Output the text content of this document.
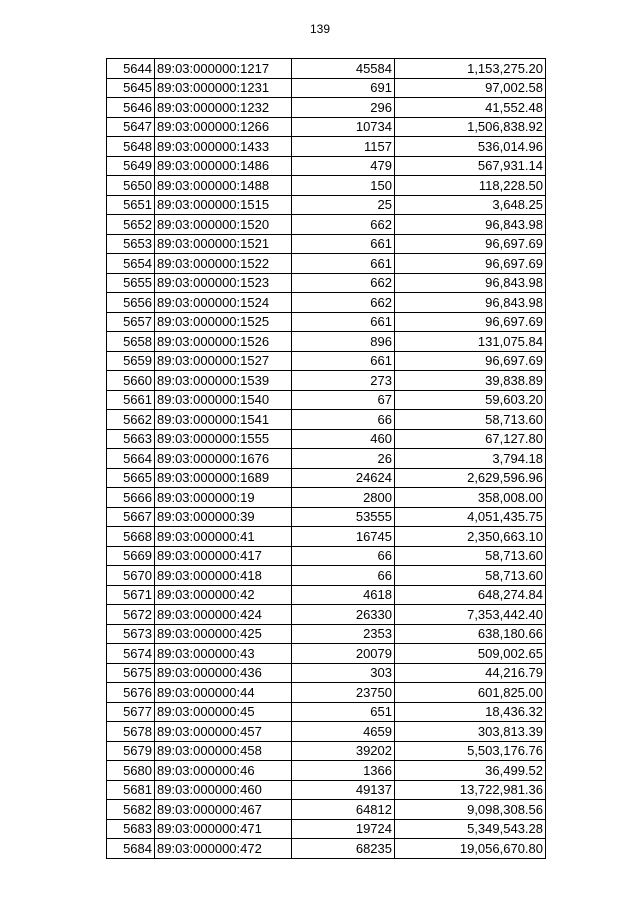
139
5644	89:03:000000:1217	45584	1,153,275.20
5645	89:03:000000:1231	691	97,002.58
5646	89:03:000000:1232	296	41,552.48
5647	89:03:000000:1266	10734	1,506,838.92
5648	89:03:000000:1433	1157	536,014.96
5649	89:03:000000:1486	479	567,931.14
5650	89:03:000000:1488	150	118,228.50
5651	89:03:000000:1515	25	3,648.25
5652	89:03:000000:1520	662	96,843.98
5653	89:03:000000:1521	661	96,697.69
5654	89:03:000000:1522	661	96,697.69
5655	89:03:000000:1523	662	96,843.98
5656	89:03:000000:1524	662	96,843.98
5657	89:03:000000:1525	661	96,697.69
5658	89:03:000000:1526	896	131,075.84
5659	89:03:000000:1527	661	96,697.69
5660	89:03:000000:1539	273	39,838.89
5661	89:03:000000:1540	67	59,603.20
5662	89:03:000000:1541	66	58,713.60
5663	89:03:000000:1555	460	67,127.80
5664	89:03:000000:1676	26	3,794.18
5665	89:03:000000:1689	24624	2,629,596.96
5666	89:03:000000:19	2800	358,008.00
5667	89:03:000000:39	53555	4,051,435.75
5668	89:03:000000:41	16745	2,350,663.10
5669	89:03:000000:417	66	58,713.60
5670	89:03:000000:418	66	58,713.60
5671	89:03:000000:42	4618	648,274.84
5672	89:03:000000:424	26330	7,353,442.40
5673	89:03:000000:425	2353	638,180.66
5674	89:03:000000:43	20079	509,002.65
5675	89:03:000000:436	303	44,216.79
5676	89:03:000000:44	23750	601,825.00
5677	89:03:000000:45	651	18,436.32
5678	89:03:000000:457	4659	303,813.39
5679	89:03:000000:458	39202	5,503,176.76
5680	89:03:000000:46	1366	36,499.52
5681	89:03:000000:460	49137	13,722,981.36
5682	89:03:000000:467	64812	9,098,308.56
5683	89:03:000000:471	19724	5,349,543.28
5684	89:03:000000:472	68235	19,056,670.80
